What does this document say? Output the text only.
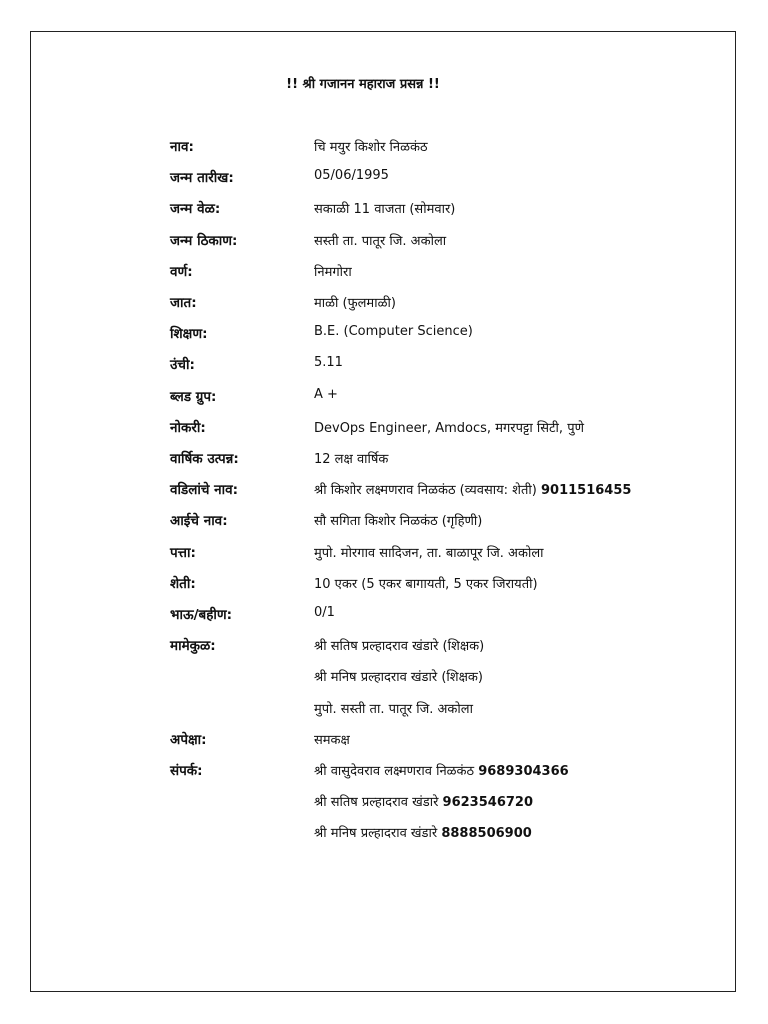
!! श्री गजानन महाराज प्रसन्न !!
नाव:	चि मयुर किशोर निळकंठ
जन्म तारीख:	05/06/1995
जन्म वेळ:	सकाळी 11 वाजता (सोमवार)
जन्म ठिकाण:	सस्ती ता. पातूर जि. अकोला
वर्ण:	निमगोरा
जात:	माळी (फुलमाळी)
शिक्षण:	B.E. (Computer Science)
उंची:	5.11
ब्लड ग्रुप:	A +
नोकरी:	DevOps Engineer, Amdocs, मगरपट्टा सिटी, पुणे
वार्षिक उत्पन्न:	12 लक्ष वार्षिक
वडिलांचे नाव:	श्री किशोर लक्ष्मणराव निळकंठ (व्यवसाय: शेती) 9011516455
आईचे नाव:	सौ सगिता किशोर निळकंठ (गृहिणी)
पत्ता:	मुपो. मोरगाव सादिजन, ता. बाळापूर जि. अकोला
शेती:	10 एकर (5 एकर बागायती, 5 एकर जिरायती)
भाऊ/बहीण:	0/1
मामेकुळ:	श्री सतिष प्रल्हादराव खंडारे (शिक्षक)
श्री मनिष प्रल्हादराव खंडारे (शिक्षक)
मुपो. सस्ती ता. पातूर जि. अकोला
अपेक्षा:	समकक्ष
संपर्क:	श्री वासुदेवराव लक्ष्मणराव निळकंठ 9689304366
श्री सतिष प्रल्हादराव खंडारे 9623546720
श्री मनिष प्रल्हादराव खंडारे 8888506900
